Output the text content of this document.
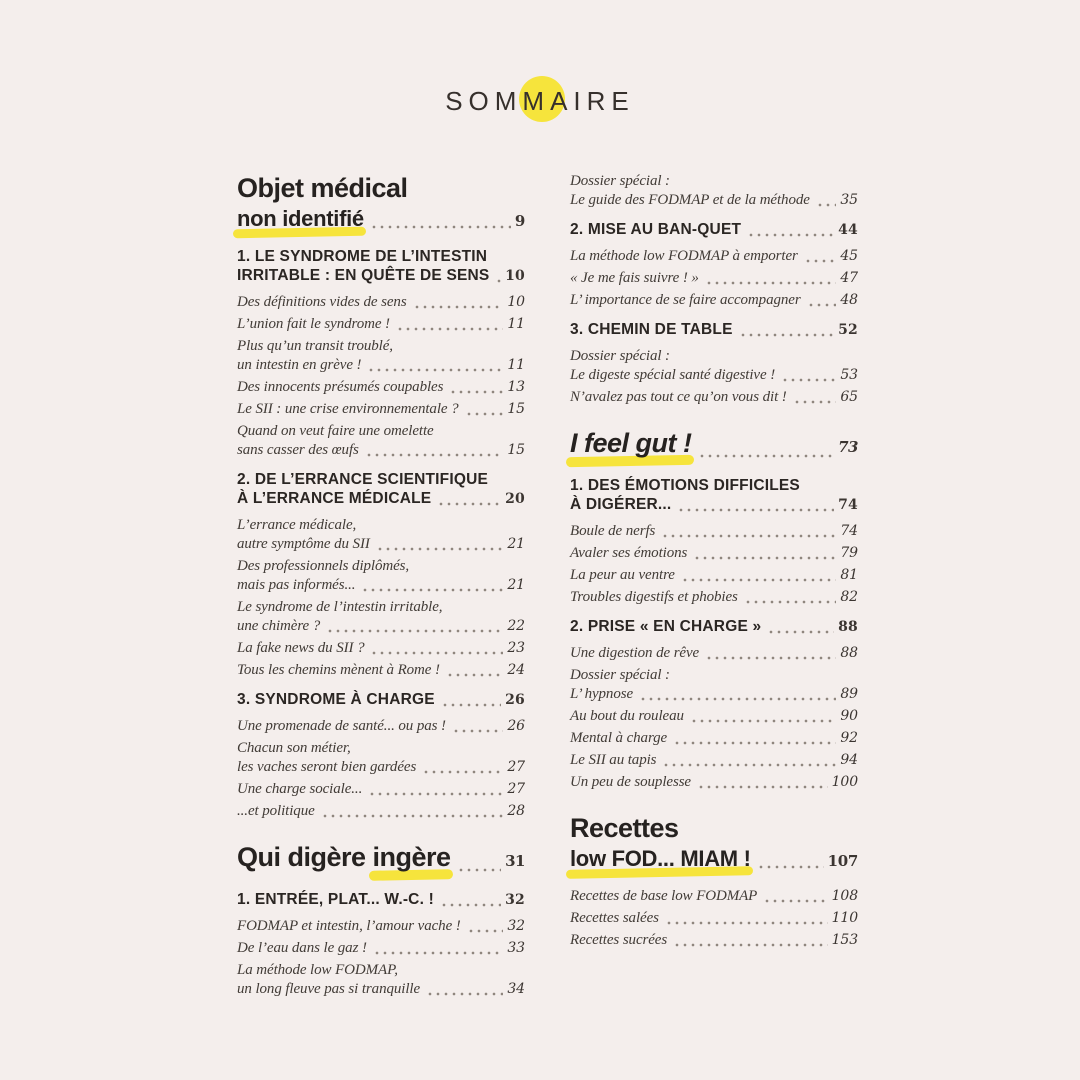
SOMMAIRE
Objet médical
non identifié	9
1. LE SYNDROME DE L’INTESTIN
IRRITABLE : EN QUÊTE DE SENS 10
Des définitions vides de sens	10
L’union fait le syndrome !	11
Plus qu’un transit troublé,
un intestin en grève !	11
Des innocents présumés coupables	13
Le SII : une crise environnementale ?	15
Quand on veut faire une omelette
sans casser des œufs	15
2. DE L’ERRANCE SCIENTIFIQUE
À L’ERRANCE MÉDICALE	20
L’errance médicale,
autre symptôme du SII	21
Des professionnels diplômés,
mais pas informés...	21
Le syndrome de l’intestin irritable,
une chimère ?	22
La fake news du SII ?	23
Tous les chemins mènent à Rome !	24
3. SYNDROME À CHARGE	26
Une promenade de santé... ou pas !	26
Chacun son métier,
les vaches seront bien gardées	27
Une charge sociale...	27
...et politique	28
Qui digère ingère	31
1. ENTRÉE, PLAT... W.-C. !	32
FODMAP et intestin, l’amour vache !	32
De l’eau dans le gaz !	33
La méthode low FODMAP,
un long fleuve pas si tranquille	34
Dossier spécial :
Le guide des FODMAP et de la méthode 35
2. MISE AU BAN-QUET	44
La méthode low FODMAP à emporter	45
« Je me fais suivre ! »	47
L’ importance de se faire accompagner	48
3. CHEMIN DE TABLE	52
Dossier spécial :
Le digeste spécial santé digestive !	53
N’avalez pas tout ce qu’on vous dit !	65
I feel gut !	73
1. DES ÉMOTIONS DIFFICILES
À DIGÉRER...	74
Boule de nerfs	74
Avaler ses émotions	79
La peur au ventre	81
Troubles digestifs et phobies	82
2. PRISE « EN CHARGE »	88
Une digestion de rêve	88
Dossier spécial :
L’ hypnose	89
Au bout du rouleau	90
Mental à charge	92
Le SII au tapis	94
Un peu de souplesse	100
Recettes
low FOD... MIAM !	107
Recettes de base low FODMAP	108
Recettes salées	110
Recettes sucrées	153
